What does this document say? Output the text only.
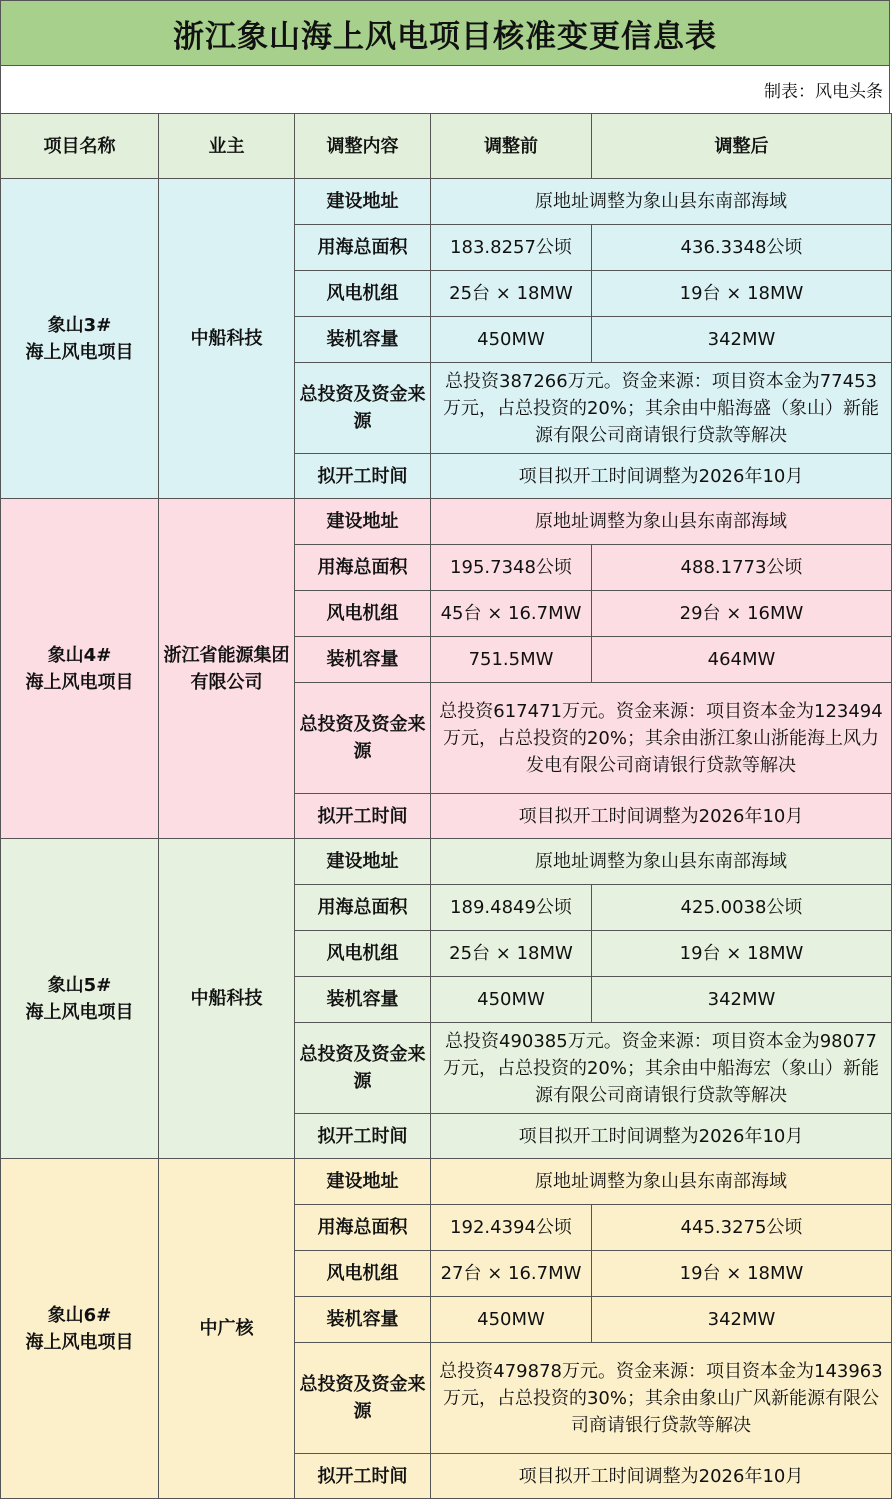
浙江象山海上风电项目核准变更信息表
制表：风电头条
项目名称	业主	调整内容	调整前	调整后
象山3#
海上风电项目	中船科技	建设地址	原地址调整为象山县东南部海域	
		用海总面积	183.8257公顷	436.3348公顷
		风电机组	25台 × 18MW	19台 × 18MW
		装机容量	450MW	342MW
		总投资及资金来源	总投资387266万元。资金来源：项目资本金为77453万元，占总投资的20%；其余由中船海盛（象山）新能源有限公司商请银行贷款等解决	
		拟开工时间	项目拟开工时间调整为2026年10月	
象山4#
海上风电项目	浙江省能源集团有限公司	建设地址	原地址调整为象山县东南部海域	
		用海总面积	195.7348公顷	488.1773公顷
		风电机组	45台 × 16.7MW	29台 × 16MW
		装机容量	751.5MW	464MW
		总投资及资金来源	总投资617471万元。资金来源：项目资本金为123494万元，占总投资的20%；其余由浙江象山浙能海上风力发电有限公司商请银行贷款等解决	
		拟开工时间	项目拟开工时间调整为2026年10月	
象山5#
海上风电项目	中船科技	建设地址	原地址调整为象山县东南部海域	
		用海总面积	189.4849公顷	425.0038公顷
		风电机组	25台 × 18MW	19台 × 18MW
		装机容量	450MW	342MW
		总投资及资金来源	总投资490385万元。资金来源：项目资本金为98077万元，占总投资的20%；其余由中船海宏（象山）新能源有限公司商请银行贷款等解决	
		拟开工时间	项目拟开工时间调整为2026年10月	
象山6#
海上风电项目	中广核	建设地址	原地址调整为象山县东南部海域	
		用海总面积	192.4394公顷	445.3275公顷
		风电机组	27台 × 16.7MW	19台 × 18MW
		装机容量	450MW	342MW
		总投资及资金来源	总投资479878万元。资金来源：项目资本金为143963万元，占总投资的30%；其余由象山广风新能源有限公司商请银行贷款等解决	
		拟开工时间	项目拟开工时间调整为2026年10月	
